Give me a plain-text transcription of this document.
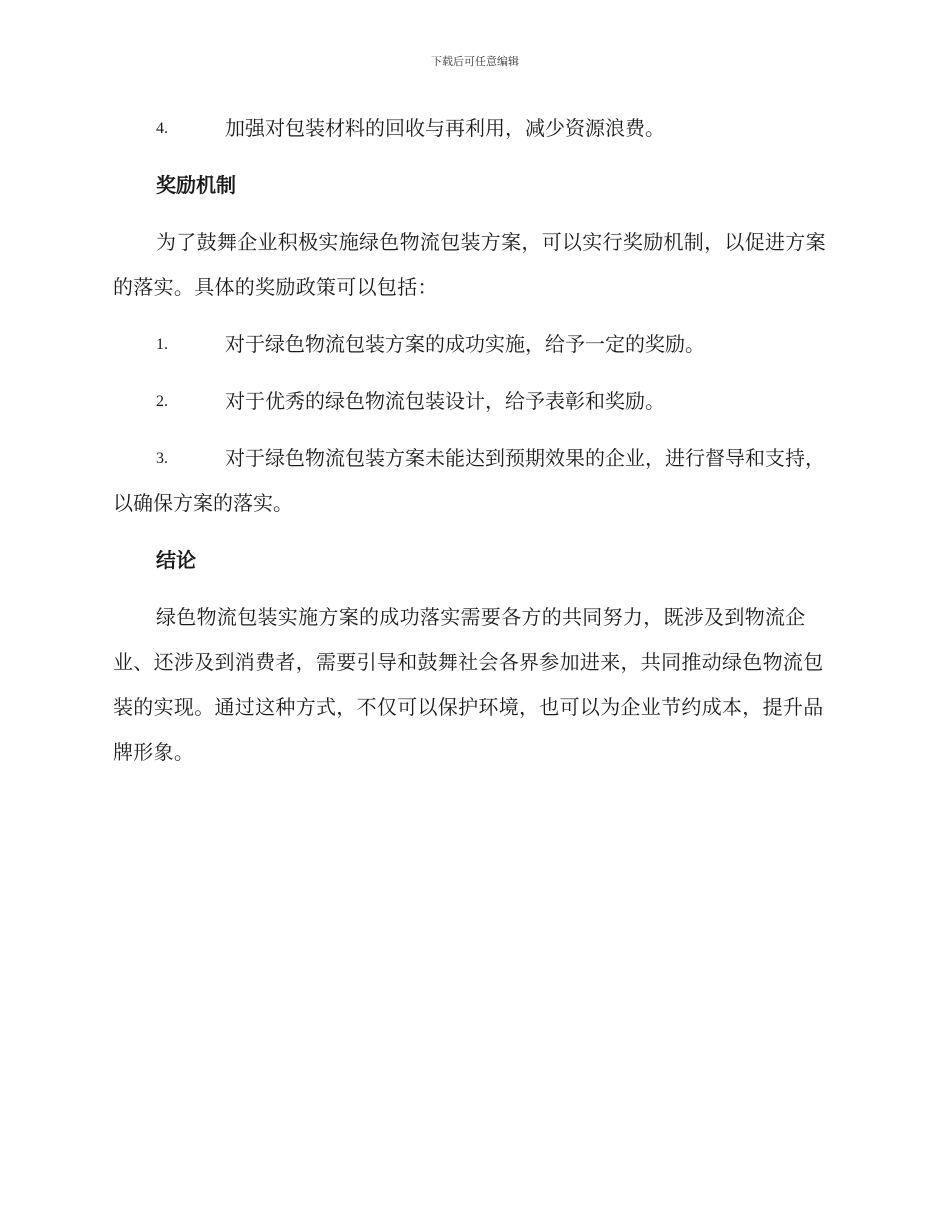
下载后可任意编辑
4.	加强对包装材料的回收与再利用，减少资源浪费。
奖励机制
为了鼓舞企业积极实施绿色物流包装方案，可以实行奖励机制，以促进方案的落实。具体的奖励政策可以包括：
1.	对于绿色物流包装方案的成功实施，给予一定的奖励。
2.	对于优秀的绿色物流包装设计，给予表彰和奖励。
3.	对于绿色物流包装方案未能达到预期效果的企业，进行督导和支持，以确保方案的落实。
结论
绿色物流包装实施方案的成功落实需要各方的共同努力，既涉及到物流企业、还涉及到消费者，需要引导和鼓舞社会各界参加进来，共同推动绿色物流包装的实现。通过这种方式，不仅可以保护环境，也可以为企业节约成本，提升品牌形象。
